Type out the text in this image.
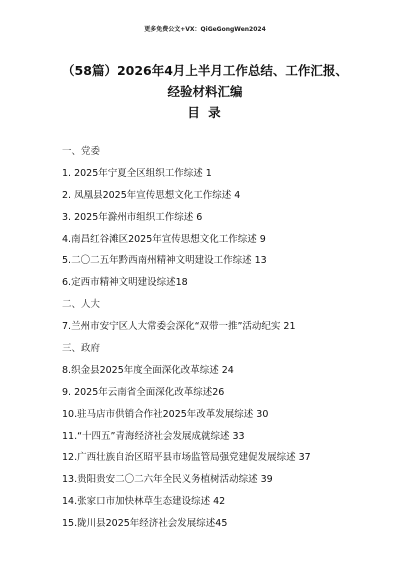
更多免费公文+VX：QiGeGongWen2024
（58篇）2026年4月上半月工作总结、工作汇报、
经验材料汇编
目 录
一、党委
1. 2025年宁夏全区组织工作综述 1
2. 凤凰县2025年宣传思想文化工作综述 4
3. 2025年滁州市组织工作综述 6
4.南昌红谷滩区2025年宣传思想文化工作综述 9
5.二〇二五年黔西南州精神文明建设工作综述 13
6.定西市精神文明建设综述18
二、人大
7.兰州市安宁区人大常委会深化“双带一推”活动纪实 21
三、政府
8.织金县2025年度全面深化改革综述 24
9. 2025年云南省全面深化改革综述26
10.驻马店市供销合作社2025年改革发展综述 30
11.“十四五”青海经济社会发展成就综述 33
12.广西壮族自治区昭平县市场监管局强党建促发展综述 37
13.贵阳贵安二〇二六年全民义务植树活动综述 39
14.张家口市加快林草生态建设综述 42
15.陇川县2025年经济社会发展综述45
